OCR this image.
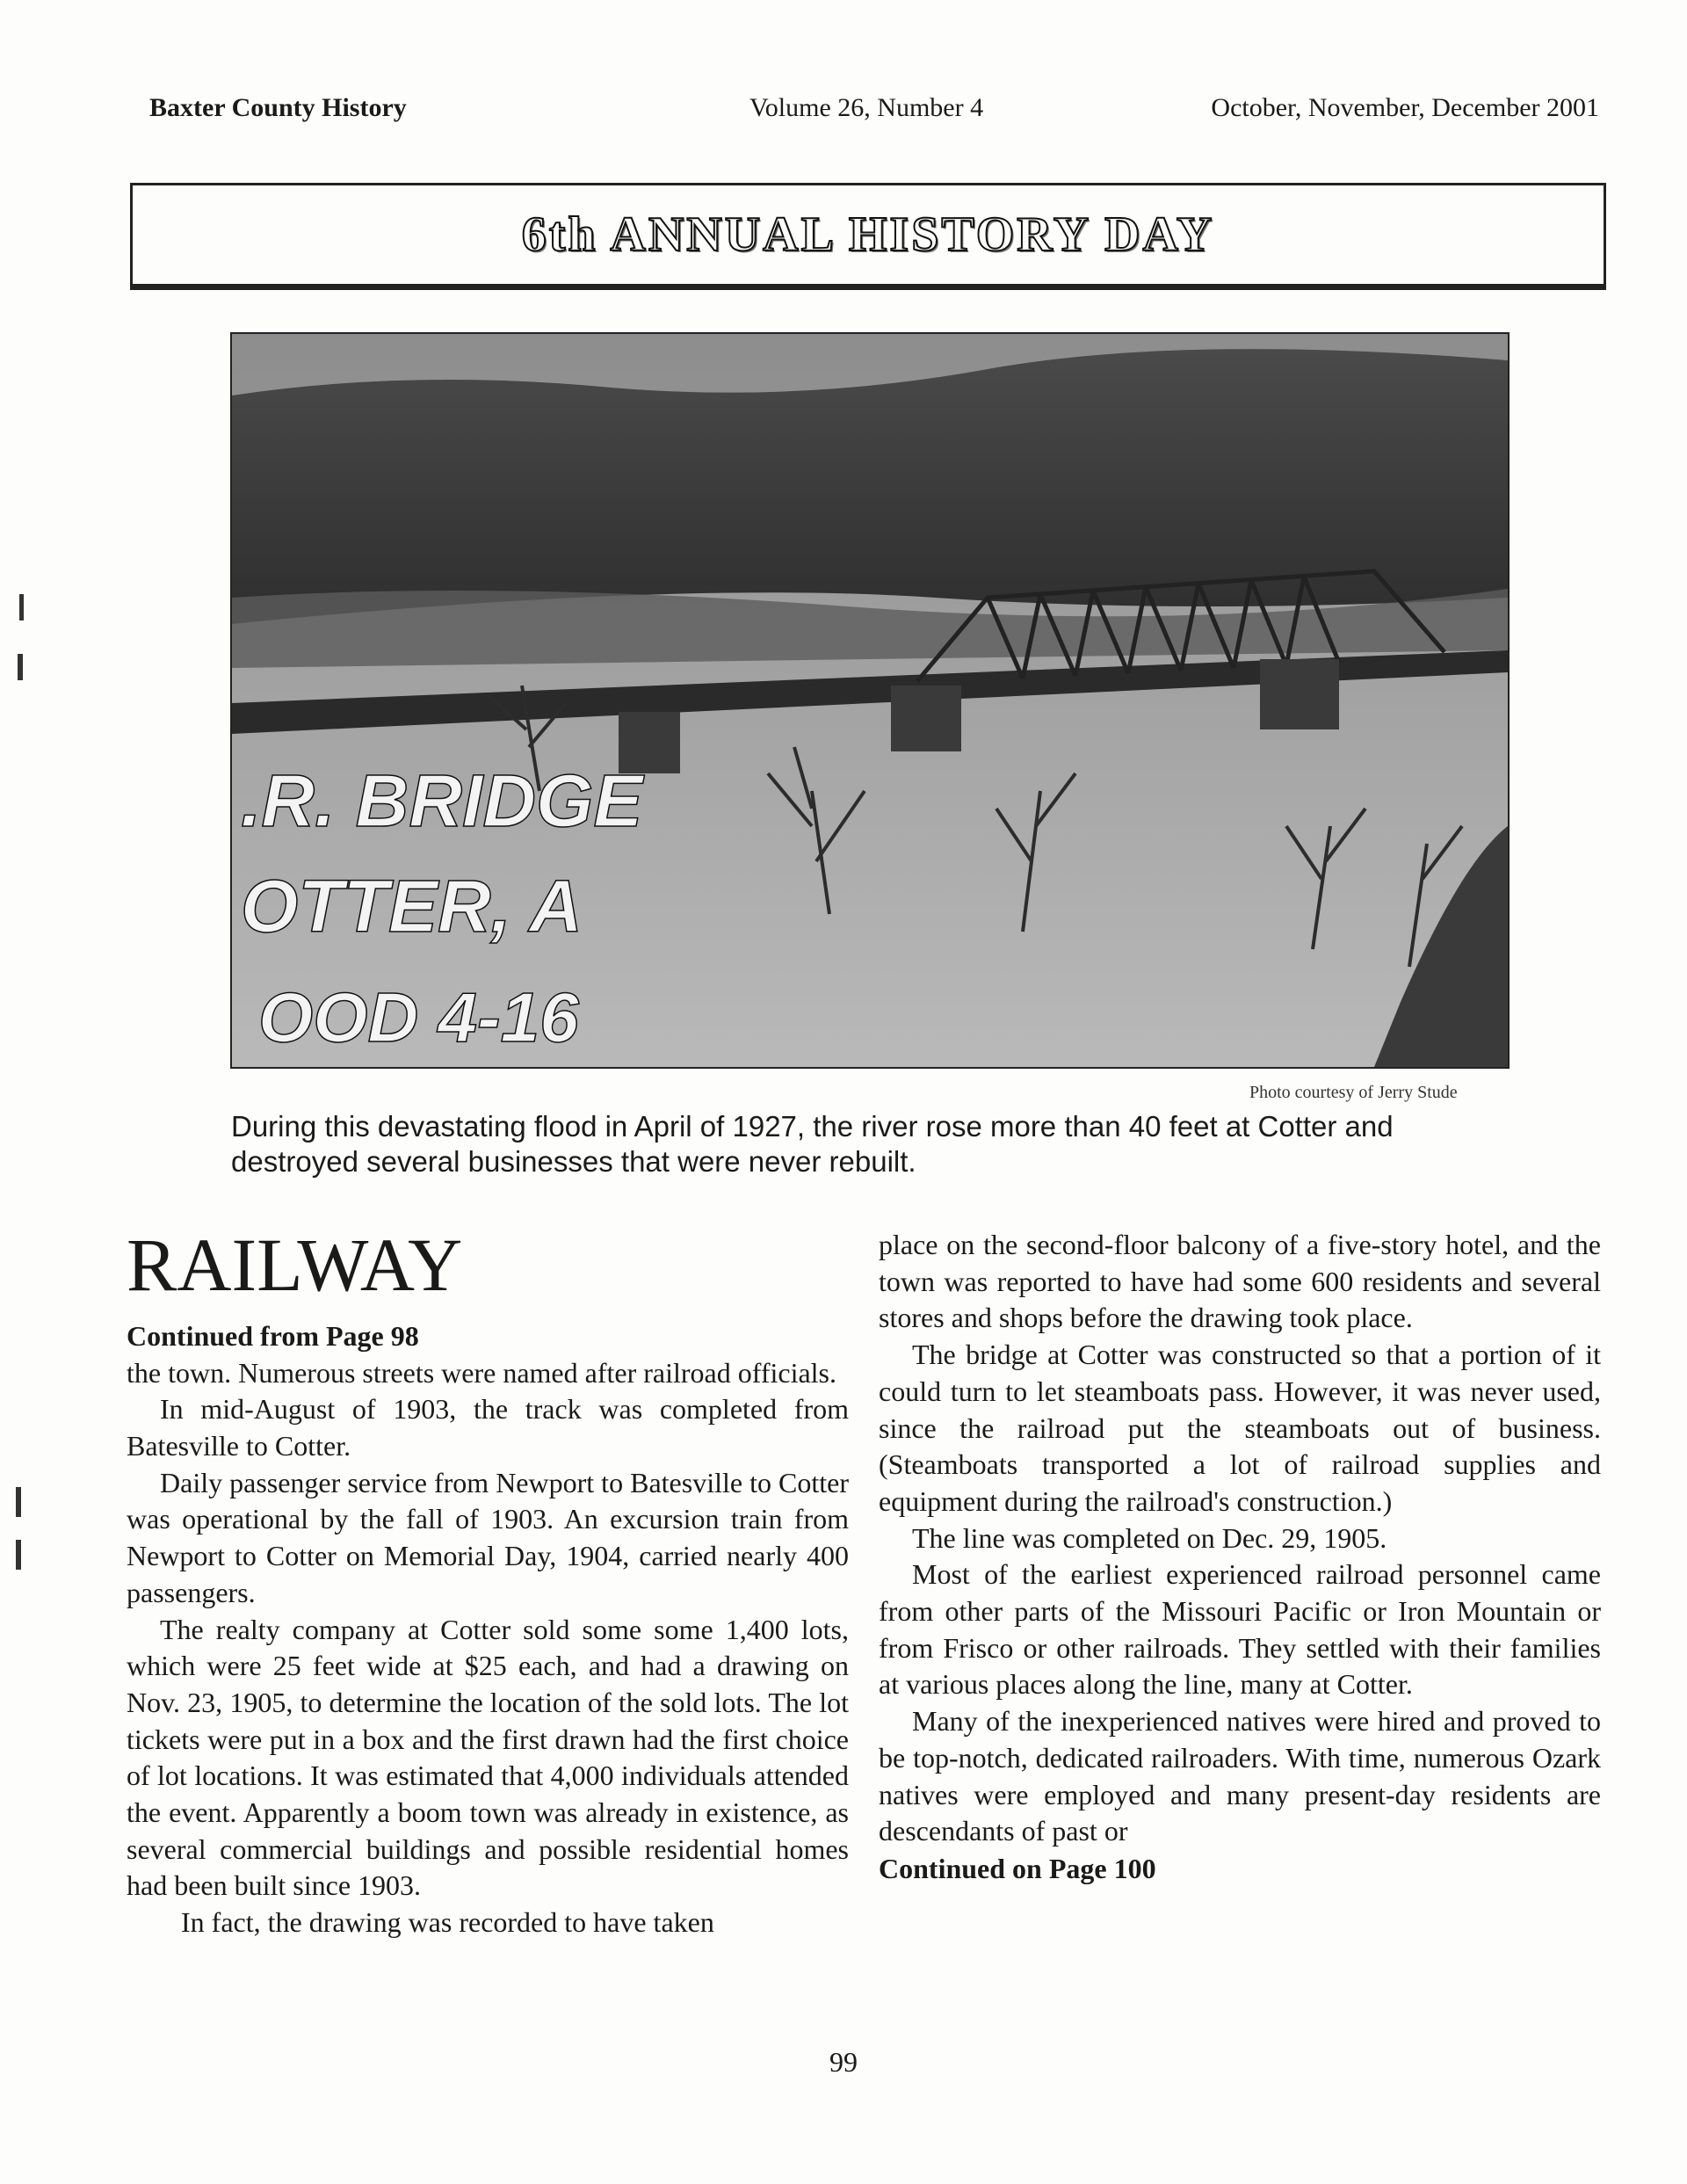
Baxter County History	Volume 26, Number 4	October, November, December 2001
6th ANNUAL HISTORY DAY
.R. BRIDGE
OTTER, A
OOD 4-16
Photo courtesy of Jerry Stude
During this devastating flood in April of 1927, the river rose more than 40 feet at Cotter and destroyed several businesses that were never rebuilt.
RAILWAY
Continued from Page 98

the town. Numerous streets were named after railroad officials.

In mid-August of 1903, the track was completed from Batesville to Cotter.

Daily passenger service from Newport to Batesville to Cotter was operational by the fall of 1903. An excursion train from Newport to Cotter on Memorial Day, 1904, carried nearly 400 passengers.

The realty company at Cotter sold some some 1,400 lots, which were 25 feet wide at $25 each, and had a drawing on Nov. 23, 1905, to determine the location of the sold lots. The lot tickets were put in a box and the first drawn had the first choice of lot locations. It was estimated that 4,000 individuals attended the event. Apparently a boom town was already in existence, as several commercial buildings and possible residential homes had been built since 1903.

In fact, the drawing was recorded to have taken

place on the second-floor balcony of a five-story hotel, and the town was reported to have had some 600 residents and several stores and shops before the drawing took place.

The bridge at Cotter was constructed so that a portion of it could turn to let steamboats pass. However, it was never used, since the railroad put the steamboats out of business. (Steamboats transported a lot of railroad supplies and equipment during the railroad's construction.)

The line was completed on Dec. 29, 1905.

Most of the earliest experienced railroad personnel came from other parts of the Missouri Pacific or Iron Mountain or from Frisco or other railroads. They settled with their families at various places along the line, many at Cotter.

Many of the inexperienced natives were hired and proved to be top-notch, dedicated railroaders. With time, numerous Ozark natives were employed and many present-day residents are descendants of past or

Continued on Page 100
99
